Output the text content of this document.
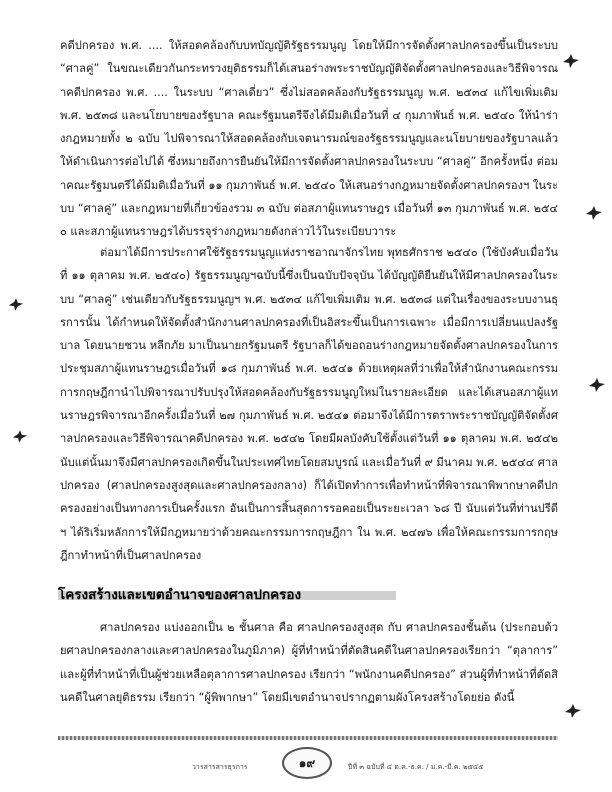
คดีปกครอง พ.ศ. .... ให้สอดคล้องกับบทบัญญัติรัฐธรรมนูญ โดยให้มีการจัดตั้งศาลปกครองขึ้นเป็นระบบ “ศาลคู่” ในขณะเดียวกันกระทรวงยุติธรรมก็ได้เสนอร่างพระราชบัญญัติจัดตั้งศาลปกครองและวิธีพิจารณาคดีปกครอง พ.ศ. .... ในระบบ “ศาลเดี่ยว” ซึ่งไม่สอดคล้องกับรัฐธรรมนูญ พ.ศ. ๒๕๓๔ แก้ไขเพิ่มเติม พ.ศ. ๒๕๓๘ และนโยบายของรัฐบาล คณะรัฐมนตรีจึงได้มีมติเมื่อวันที่ ๔ กุมภาพันธ์ พ.ศ. ๒๕๔๐ ให้นำร่างกฎหมายทั้ง ๒ ฉบับ ไปพิจารณาให้สอดคล้องกับเจตนารมณ์ของรัฐธรรมนูญและนโยบายของรัฐบาลแล้วให้ดำเนินการต่อไปได้ ซึ่งหมายถึงการยืนยันให้มีการจัดตั้งศาลปกครองในระบบ “ศาลคู่” อีกครั้งหนึ่ง ต่อมาคณะรัฐมนตรีได้มีมติเมื่อวันที่ ๑๑ กุมภาพันธ์ พ.ศ. ๒๕๔๐ ให้เสนอร่างกฎหมายจัดตั้งศาลปกครองฯ ในระบบ “ศาลคู่” และกฎหมายที่เกี่ยวข้องรวม ๓ ฉบับ ต่อสภาผู้แทนราษฎร เมื่อวันที่ ๑๓ กุมภาพันธ์ พ.ศ. ๒๕๔๐ และสภาผู้แทนราษฎรได้บรรจุร่างกฎหมายดังกล่าวไว้ในระเบียบวาระ

ต่อมาได้มีการประกาศใช้รัฐธรรมนูญแห่งราชอาณาจักรไทย พุทธศักราช ๒๕๔๐ (ใช้บังคับเมื่อวันที่ ๑๑ ตุลาคม พ.ศ. ๒๕๔๐) รัฐธรรมนูญฯฉบับนี้ซึ่งเป็นฉบับปัจจุบัน ได้บัญญัติยืนยันให้มีศาลปกครองในระบบ “ศาลคู่” เช่นเดียวกับรัฐธรรมนูญฯ พ.ศ. ๒๕๓๔ แก้ไขเพิ่มเติม พ.ศ. ๒๕๓๘ แต่ในเรื่องของระบบงานธุรการนั้น ได้กำหนดให้จัดตั้งสำนักงานศาลปกครองที่เป็นอิสระขึ้นเป็นการเฉพาะ เมื่อมีการเปลี่ยนแปลงรัฐบาล โดยนายชวน หลีกภัย มาเป็นนายกรัฐมนตรี รัฐบาลก็ได้ขอถอนร่างกฎหมายจัดตั้งศาลปกครองในการประชุมสภาผู้แทนราษฎรเมื่อวันที่ ๑๘ กุมภาพันธ์ พ.ศ. ๒๕๔๑ ด้วยเหตุผลที่ว่าเพื่อให้สำนักงานคณะกรรมการกฤษฎีกานำไปพิจารณาปรับปรุงให้สอดคล้องกับรัฐธรรมนูญใหม่ในรายละเอียด และได้เสนอสภาผู้แทนราษฎรพิจารณาอีกครั้งเมื่อวันที่ ๒๗ กุมภาพันธ์ พ.ศ. ๒๕๔๑ ต่อมาจึงได้มีการตราพระราชบัญญัติจัดตั้งศาลปกครองและวิธีพิจารณาคดีปกครอง พ.ศ. ๒๕๔๒ โดยมีผลบังคับใช้ตั้งแต่วันที่ ๑๑ ตุลาคม พ.ศ. ๒๕๔๒ นับแต่นั้นมาจึงมีศาลปกครองเกิดขึ้นในประเทศไทยโดยสมบูรณ์ และเมื่อวันที่ ๙ มีนาคม พ.ศ. ๒๕๔๔ ศาลปกครอง (ศาลปกครองสูงสุดและศาลปกครองกลาง) ก็ได้เปิดทำการเพื่อทำหน้าที่พิจารณาพิพากษาคดีปกครองอย่างเป็นทางการเป็นครั้งแรก อันเป็นการสิ้นสุดการรอคอยเป็นระยะเวลา ๖๘ ปี นับแต่วันที่ท่านปรีดีฯ ได้ริเริ่มหลักการให้มีกฎหมายว่าด้วยคณะกรรมการกฤษฎีกา ใน พ.ศ. ๒๔๗๖ เพื่อให้คณะกรรมการกฤษฎีกาทำหน้าที่เป็นศาลปกครอง

โครงสร้างและเขตอำนาจของศาลปกครอง

ศาลปกครอง แบ่งออกเป็น ๒ ชั้นศาล คือ ศาลปกครองสูงสุด กับ ศาลปกครองชั้นต้น (ประกอบด้วยศาลปกครองกลางและศาลปกครองในภูมิภาค) ผู้ที่ทำหน้าที่ตัดสินคดีในศาลปกครองเรียกว่า “ตุลาการ” และผู้ที่ทำหน้าที่เป็นผู้ช่วยเหลือตุลาการศาลปกครอง เรียกว่า “พนักงานคดีปกครอง” ส่วนผู้ที่ทำหน้าที่ตัดสินคดีในศาลยุติธรรม เรียกว่า “ผู้พิพากษา” โดยมีเขตอำนาจปรากฏตามผังโครงสร้างโดยย่อ ดังนี้

วารสารสารธุรการ	๑๙	ปีที่ ๓ ฉบับที่ ๔ ต.ค.-ธ.ค. / ม.ค.-มี.ค. ๒๕๔๕
